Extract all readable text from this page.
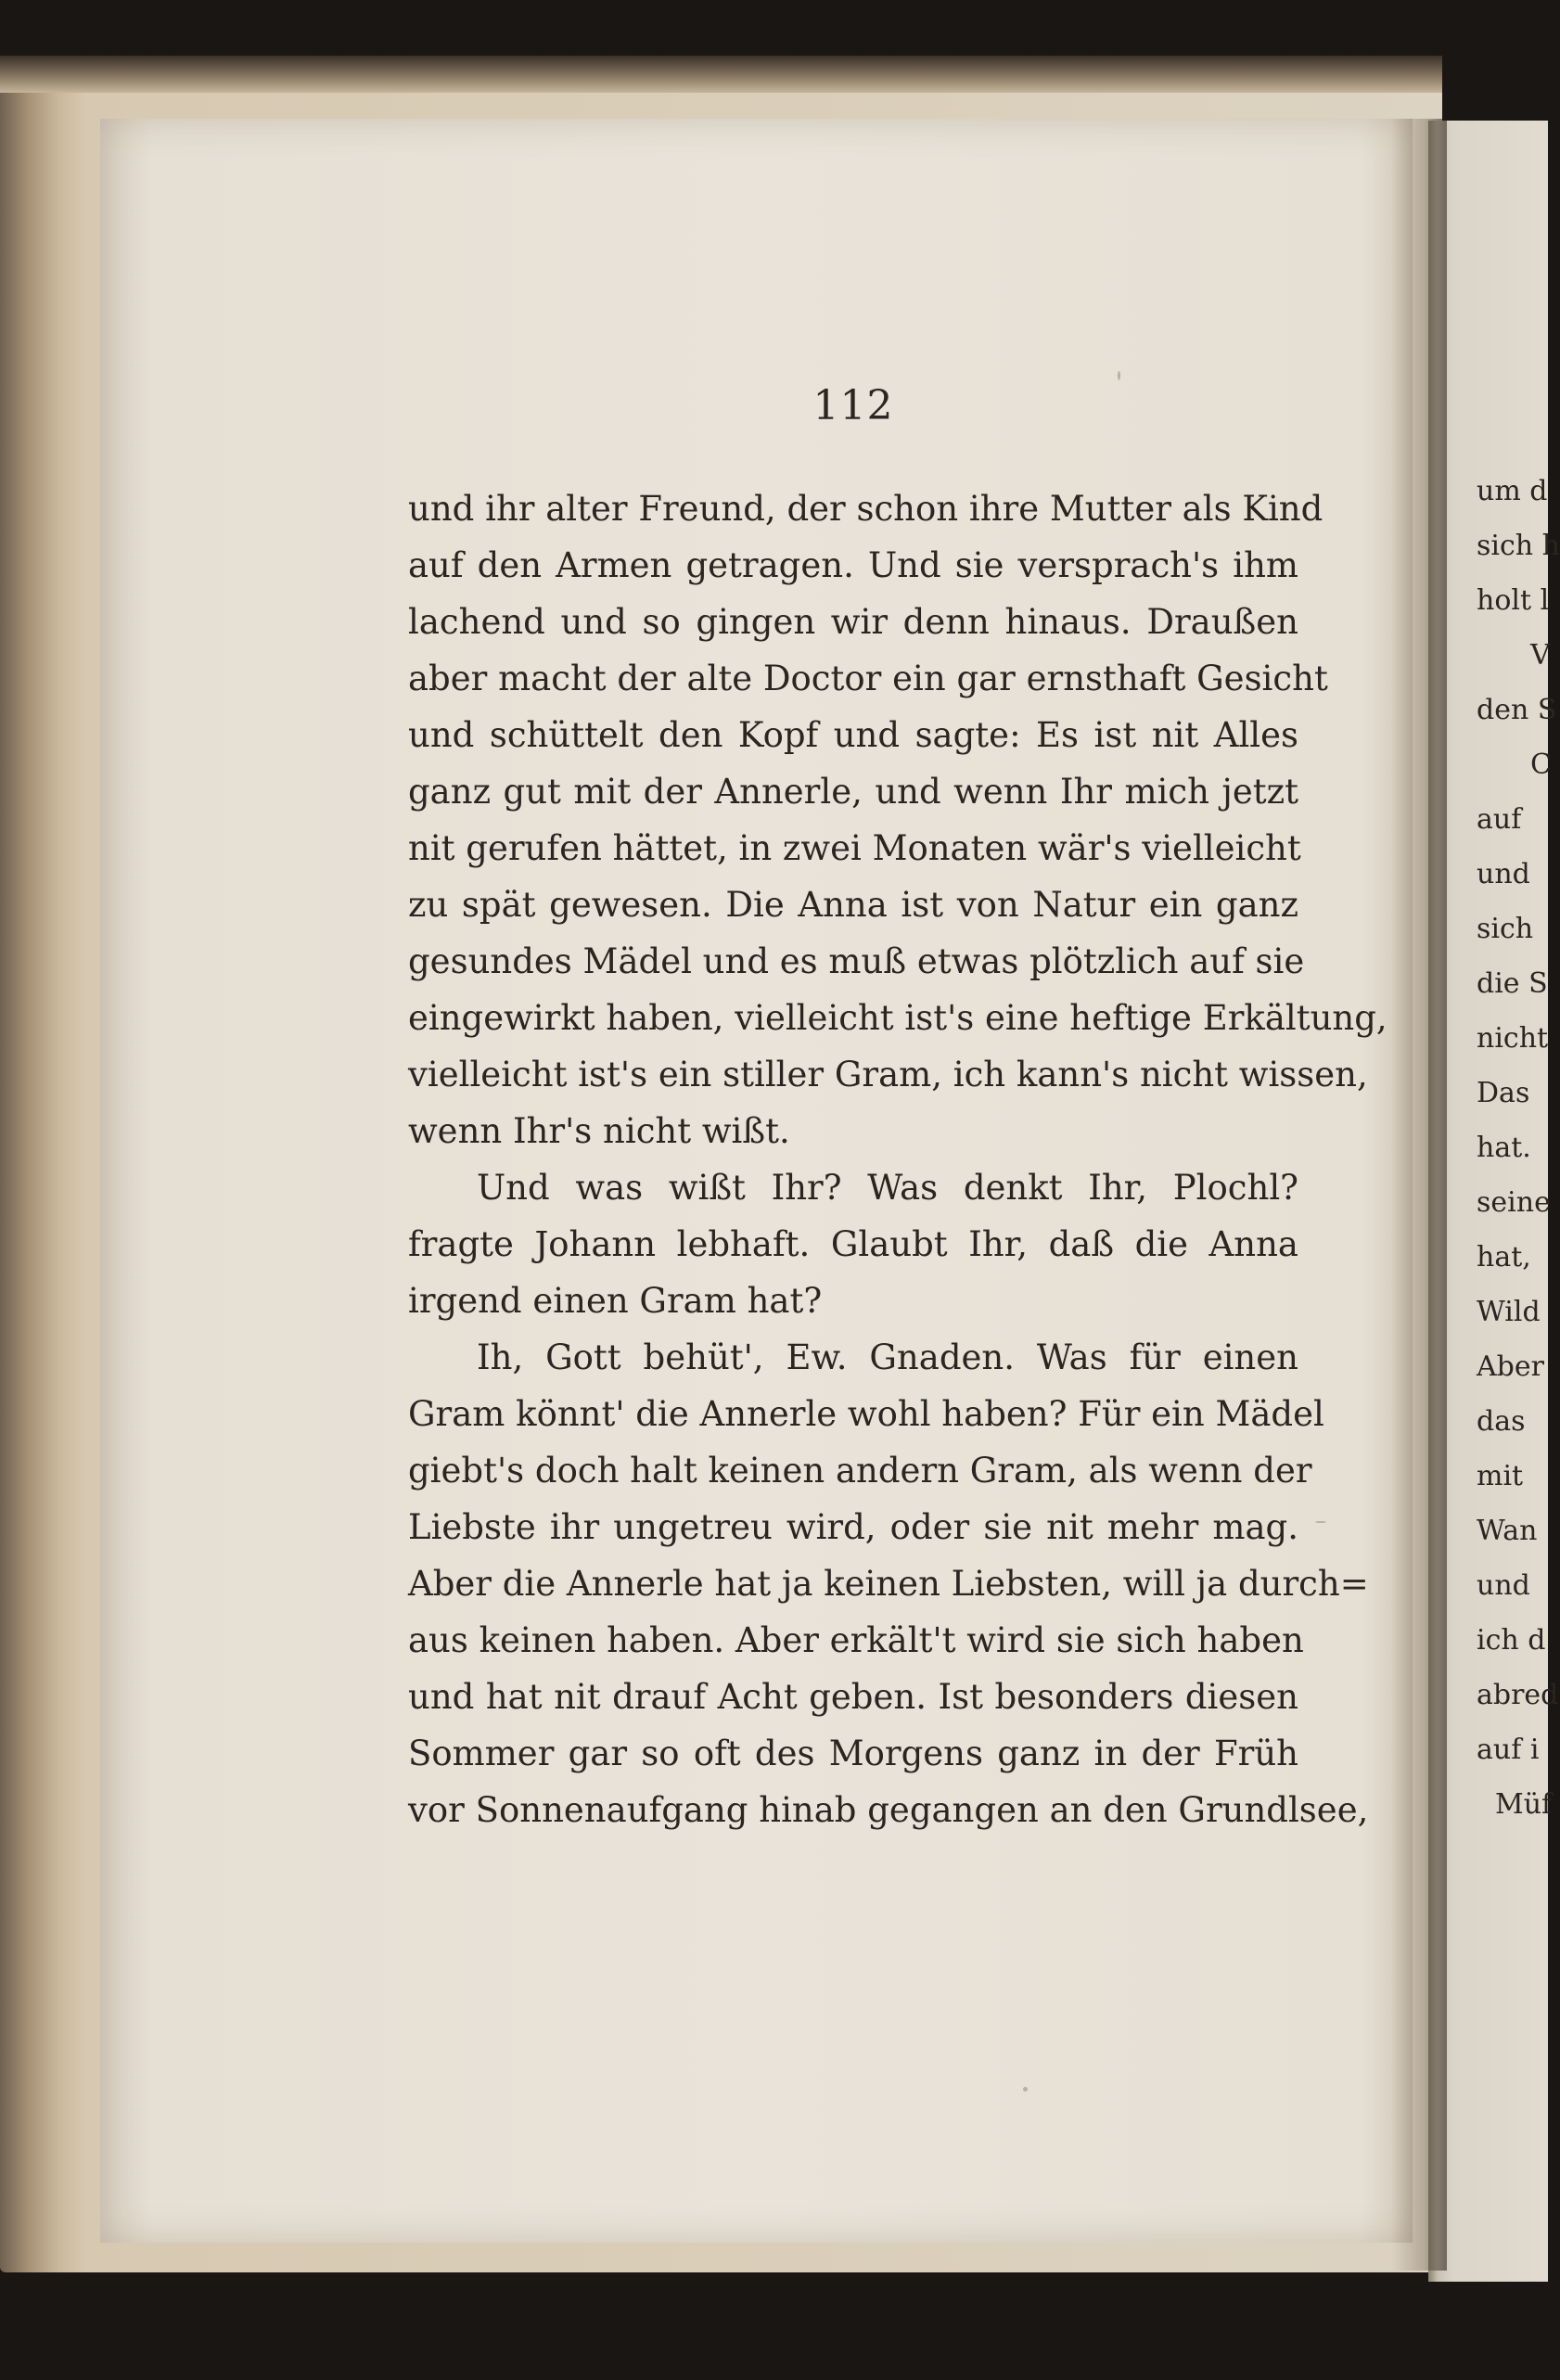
112
und ihr alter Freund, der schon ihre Mutter als Kind
auf den Armen getragen. Und sie versprach's ihm
lachend und so gingen wir denn hinaus. Draußen
aber macht der alte Doctor ein gar ernsthaft Gesicht
und schüttelt den Kopf und sagte: Es ist nit Alles
ganz gut mit der Annerle, und wenn Ihr mich jetzt
nit gerufen hättet, in zwei Monaten wär's vielleicht
zu spät gewesen. Die Anna ist von Natur ein ganz
gesundes Mädel und es muß etwas plötzlich auf sie
eingewirkt haben, vielleicht ist's eine heftige Erkältung,
vielleicht ist's ein stiller Gram, ich kann's nicht wissen,
wenn Ihr's nicht wißt.
Und was wißt Ihr? Was denkt Ihr, Plochl?
fragte Johann lebhaft. Glaubt Ihr, daß die Anna
irgend einen Gram hat?
Ih, Gott behüt', Ew. Gnaden. Was für einen
Gram könnt' die Annerle wohl haben? Für ein Mädel
giebt's doch halt keinen andern Gram, als wenn der
Liebste ihr ungetreu wird, oder sie nit mehr mag.
Aber die Annerle hat ja keinen Liebsten, will ja durch=
aus keinen haben. Aber erkält't wird sie sich haben
und hat nit drauf Acht geben. Ist besonders diesen
Sommer gar so oft des Morgens ganz in der Früh
vor Sonnenaufgang hinab gegangen an den Grundlsee,
um d
sich h
holt l
V
den S
C
auf
und
sich
die S
nicht
Das
hat.
seine
hat,
Wild
Aber
das
mit
Wan
und
ich d
abred
auf i
Müf
